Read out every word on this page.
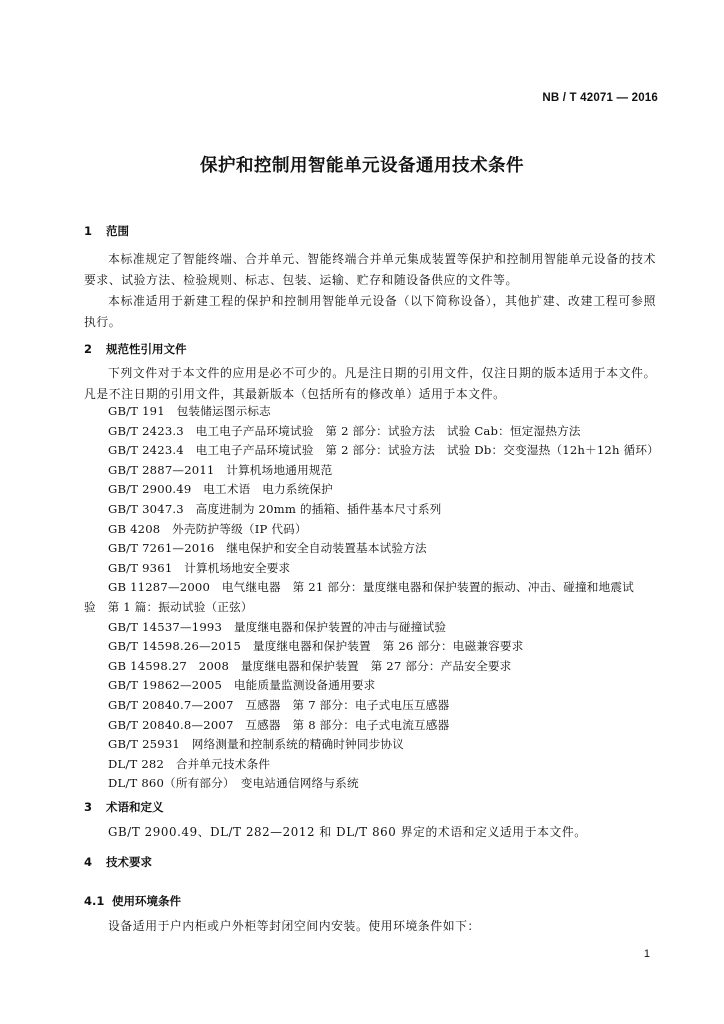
NB / T 42071 — 2016
保护和控制用智能单元设备通用技术条件
1 范围
本标准规定了智能终端、合并单元、智能终端合并单元集成装置等保护和控制用智能单元设备的技术要求、试验方法、检验规则、标志、包装、运输、贮存和随设备供应的文件等。
本标准适用于新建工程的保护和控制用智能单元设备（以下简称设备），其他扩建、改建工程可参照执行。
2 规范性引用文件
下列文件对于本文件的应用是必不可少的。凡是注日期的引用文件，仅注日期的版本适用于本文件。凡是不注日期的引用文件，其最新版本（包括所有的修改单）适用于本文件。
GB/T 191　包装储运图示标志
GB/T 2423.3　电工电子产品环境试验　第 2 部分：试验方法　试验 Cab：恒定湿热方法
GB/T 2423.4　电工电子产品环境试验　第 2 部分：试验方法　试验 Db：交变湿热（12h＋12h 循环）
GB/T 2887—2011　计算机场地通用规范
GB/T 2900.49　电工术语　电力系统保护
GB/T 3047.3　高度进制为 20mm 的插箱、插件基本尺寸系列
GB 4208　外壳防护等级（IP 代码）
GB/T 7261—2016　继电保护和安全自动装置基本试验方法
GB/T 9361　计算机场地安全要求
GB 11287—2000　电气继电器　第 21 部分：量度继电器和保护装置的振动、冲击、碰撞和地震试验　第 1 篇：振动试验（正弦）
GB/T 14537—1993　量度继电器和保护装置的冲击与碰撞试验
GB/T 14598.26—2015　量度继电器和保护装置　第 26 部分：电磁兼容要求
GB 14598.27　2008　量度继电器和保护装置　第 27 部分：产品安全要求
GB/T 19862—2005　电能质量监测设备通用要求
GB/T 20840.7—2007　互感器　第 7 部分：电子式电压互感器
GB/T 20840.8—2007　互感器　第 8 部分：电子式电流互感器
GB/T 25931　网络测量和控制系统的精确时钟同步协议
DL/T 282　合并单元技术条件
DL/T 860（所有部分）　变电站通信网络与系统
3 术语和定义
GB/T 2900.49、DL/T 282—2012 和 DL/T 860 界定的术语和定义适用于本文件。
4 技术要求
4.1 使用环境条件
设备适用于户内柜或户外柜等封闭空间内安装。使用环境条件如下：
1
